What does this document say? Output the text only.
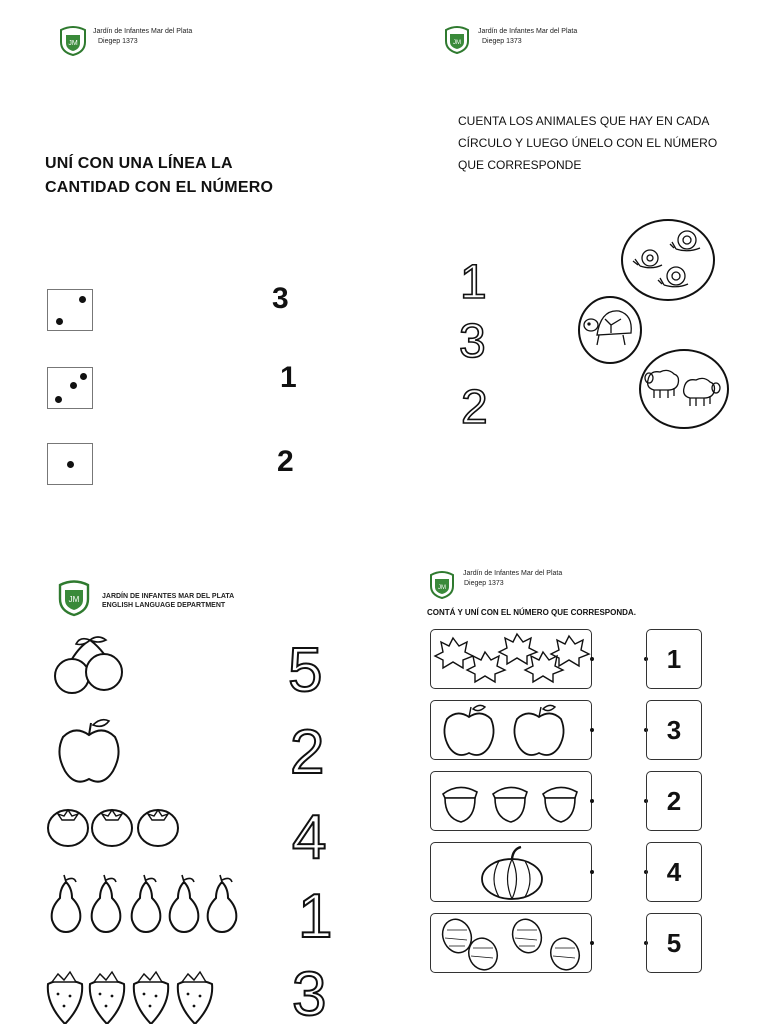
JM
Jardín de Infantes Mar del Plata
Diegep 1373
UNÍ CON UNA LÍNEA LA
CANTIDAD CON EL NÚMERO
3
1
2
JM
Jardín de Infantes Mar del Plata
Diegep 1373
CUENTA LOS ANIMALES QUE HAY EN CADA
CÍRCULO Y LUEGO ÚNELO CON EL NÚMERO
QUE CORRESPONDE
1
3
2
JM	JARDÍN DE INFANTES MAR DEL PLATA
ENGLISH LANGUAGE DEPARTMENT
5
2
4
1
3
JM
Jardín de Infantes Mar del Plata
Diegep 1373
CONTÁ Y UNÍ CON EL NÚMERO QUE CORRESPONDA.
1
3
2
4
5
